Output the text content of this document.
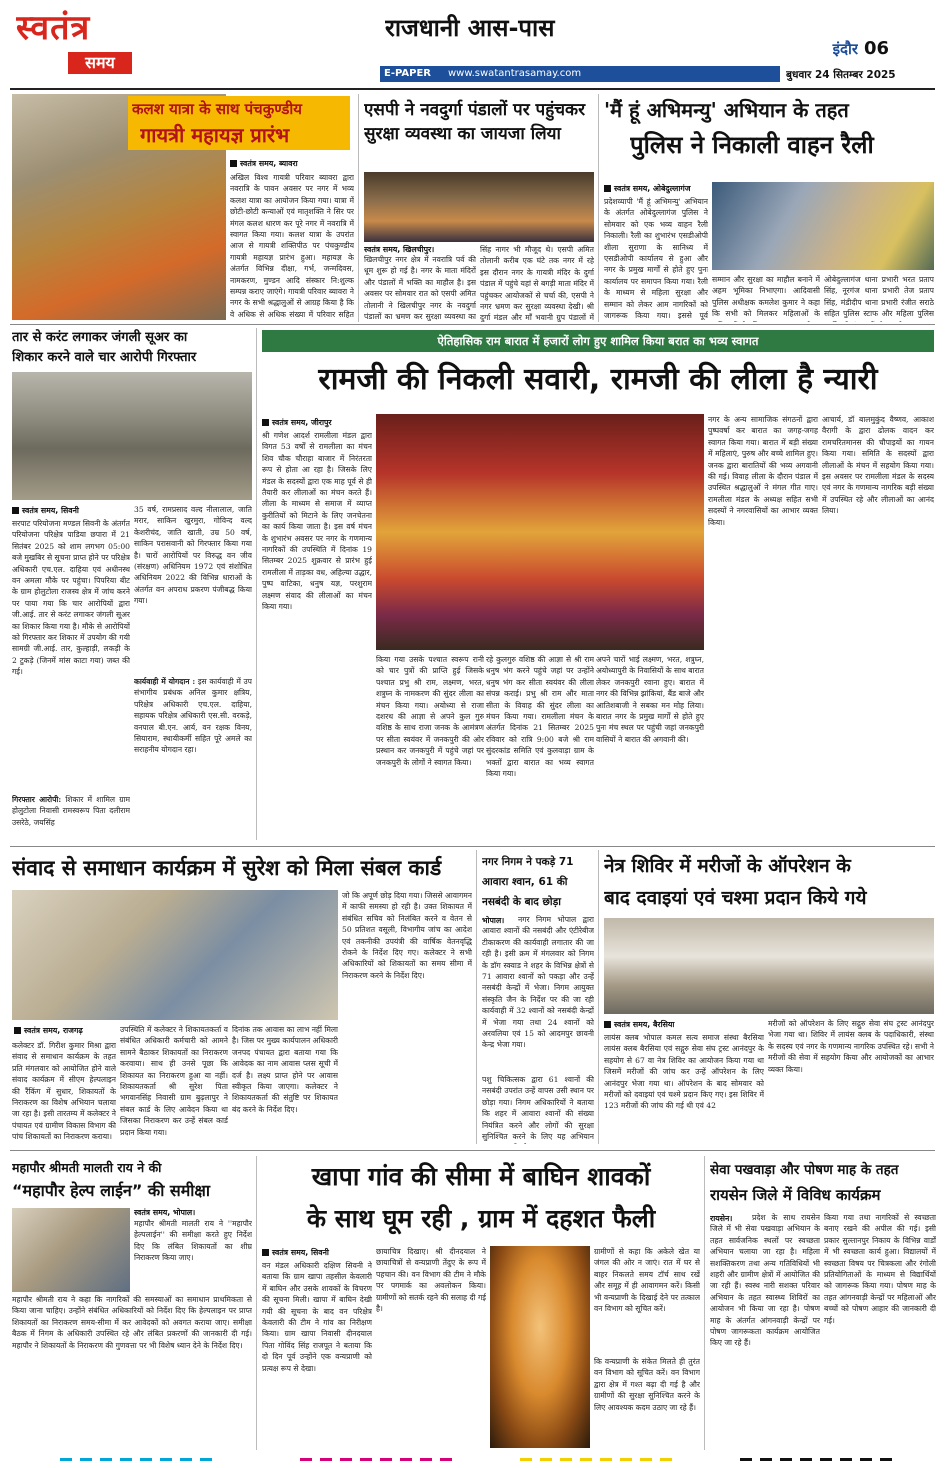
स्वतंत्र
समय
राजधानी आस-पास
इंदौर 06
E-PAPER	www.swatantrasamay.com	बुधवार 24 सितम्बर 2025
कलश यात्रा के साथ पंचकुण्डीय
गायत्री महायज्ञ प्रारंभ
स्वतंत्र समय, ब्यावरा
अखिल विश्व गायत्री परिवार ब्यावरा द्वारा नवरात्रि के पावन अवसर पर नगर में भव्य कलश यात्रा का आयोजन किया गया। यात्रा में छोटी-छोटी कन्याओं एवं मातृशक्ति ने सिर पर मंगल कलश धारण कर पूरे नगर में नवरात्रि में स्वागत किया गया। कलश यात्रा के उपरांत आज से गायत्री शक्तिपीठ पर पंचकुण्डीय गायत्री महायज्ञ प्रारंभ हुआ। महायज्ञ के अंतर्गत विभिन्न दीक्षा, गर्भ, जन्मदिवस, नामकरण, मुण्डन आदि संस्कार नि:शुल्क सम्पन्न कराए जाएंगे। गायत्री परिवार ब्यावरा ने नगर के सभी श्रद्धालुओं से आग्रह किया है कि वे अधिक से अधिक संख्या में परिवार सहित
एसपी ने नवदुर्गा पंडालों पर पहुंचकर सुरक्षा व्यवस्था का जायजा लिया
स्वतंत्र समय, खिलचीपुर।
खिलचीपुर नगर क्षेत्र में नवरात्रि पर्व की धूम शुरू हो गई है। नगर के माता मंदिरों और पंडालों में भक्ति का माहौल है। इस अवसर पर सोमवार रात को एसपी अमित तोलानी ने खिलचीपुर नगर के नवदुर्गा पंडालों का भ्रमण कर सुरक्षा व्यवस्था का
सिंह नागर भी मौजूद थे। एसपी अमित तोलानी करीब एक घंटे तक नगर में रहे इस दौरान नगर के गायत्री मंदिर के दुर्गा पंडाल में पहुंचे यहां से बगड़ी माता मंदिर में पहुंचकर आयोजकों से चर्चा की, एसपी ने नगर भ्रमण कर सुरक्षा व्यवस्था देखी। श्री दुर्गा मंडल और माँ भवानी ग्रुप पंडालों में
'मैं हूं अभिमन्यु' अभियान के तहत
पुलिस ने निकाली वाहन रैली
स्वतंत्र समय, ओबेदुल्लागंज
प्रदेशव्यापी 'मैं हूं अभिमन्यु' अभियान के अंतर्गत ओबेदुल्लागंज पुलिस ने सोमवार को एक भव्य वाहन रैली निकाली। रैली का शुभारंभ एसडीओपी शीला सुराणा के सानिध्य में एसडीओपी कार्यालय से हुआ और नगर के प्रमुख मार्गों से होते हुए पुनः कार्यालय पर समापन किया गया। रैली के माध्यम से महिला सुरक्षा और सम्मान को लेकर आम नागरिकों को जागरूक किया गया। इससे पूर्व
सम्मान और सुरक्षा का माहौल बनाने में अहम भूमिका निभाएगा। आदिवासी पुलिस अधीक्षक कमलेश कुमार ने कहा कि सभी को मिलकर महिलाओं के
ओबेदुल्लागंज थाना प्रभारी भरत प्रताप सिंह, नूरगंज थाना प्रभारी तेज प्रताप सिंह, मंडीदीप थाना प्रभारी रंजीत सराठे सहित पुलिस स्टाफ और महिला पुलिस
तार से करंट लगाकर जंगली सूअर का
शिकार करने वाले चार आरोपी गिरफ्तार
स्वतंत्र समय, सिवनी
सरपाट परियोजना मण्डल सिवनी के अंतर्गत परियोजना परिक्षेत्र पाडिया छपारा में 21 सितंबर 2025 को शाम लगभग 05:00 बजे मुखबिर से सूचना प्राप्त होने पर परिक्षेत्र अधिकारी एच.एल. दाहिया एवं अधीनस्थ वन अमला मौके पर पहुंचा। पिपरिया बीट के ग्राम होलुटोला राजस्व क्षेत्र में जांच करने पर पाया गया कि चार आरोपियों द्वारा जी.आई. तार से करंट लगाकर जंगली सूअर का शिकार किया गया है। मौके से आरोपियों को गिरफ्तार कर शिकार में उपयोग की गयी सामग्री जी.आई. तार, कुल्हाड़ी, लकड़ी के 2 टुकड़े (जिनमें मांस काटा गया) जब्त की गई।
गिरफ्तार आरोपी: शिकार में शामिल ग्राम होलुटोला निवासी रामस्वरूप पिता दलीराम उसरेठे, जयसिंह
35 वर्ष, रामप्रसाद वल्द नीलालाल, जाति मरार, साकिन खुरमुरा, गोविन्द वल्द केशरीचंद, जाति खाती, उम्र 50 वर्ष, साकिन परासवानी को गिरफ्तार किया गया है। चारों आरोपियों पर विरुद्ध वन जीव (संरक्षण) अधिनियम 1972 एवं संशोधित अधिनियम 2022 की विभिन्न धाराओं के अंतर्गत वन अपराध प्रकरण पंजीबद्ध किया गया।
कार्यवाही में योगदान : इस कार्यवाही में उप संभागीय प्रबंधक अनिल कुमार क्षत्रिय, परिक्षेत्र अधिकारी एच.एल. दाहिया, सहायक परिक्षेत्र अधिकारी एस.सी. वरकड़े, वनपाल बी.एन. आर्य, वन रक्षक विनय, सियाराम, स्थायीकर्मी सहित पूरे अमले का सराहनीय योगदान रहा।
ऐतिहासिक राम बारात में हजारों लोग हुए शामिल किया बरात का भव्य स्वागत
रामजी की निकली सवारी, रामजी की लीला है न्यारी
स्वतंत्र समय, जीरापुर
श्री गणेश आदर्श रामलीला मंडल द्वारा विगत 53 वर्षों से रामलीला का मंचन शिव चौक चौराहा बाजार में निरंतरता रूप से होता आ रहा है। जिसके लिए मंडल के सदस्यों द्वारा एक माह पूर्व से ही तैयारी कर लीलाओं का मंचन करते हैं। लीला के माध्यम से समाज में व्याप्त कुरीतियों को मिटाने के लिए जनचेतना का कार्य किया जाता है। इस वर्ष मंचन के शुभारंभ अवसर पर नगर के गणमान्य नागरिकों की उपस्थिति में दिनांक 19 सितम्बर 2025 शुक्रवार से प्रारंभ हुई रामलीला में ताड़का वध, अहिल्या उद्धार, पुष्प वाटिका, धनुष यज्ञ, परशुराम लक्ष्मण संवाद की लीलाओं का मंचन किया गया।
किया गया उसके पश्चात स्वरूप रानी को चार पुत्रों की प्राप्ति हुई जिसके पश्चात प्रभु श्री राम, लक्ष्मण, भरत, शत्रुघ्न के नामकरण की सुंदर लीला का मंचन किया गया। अयोध्या से राजा दशरथ की आज्ञा से अपने कुल गुरु वशिष्ठ के साथ राजा जनक के आमंत्रण पर सीता स्वयंवर में जनकपुरी की ओर प्रस्थान कर जनकपुरी में पहुंचे जहां पर जनकपुरी के लोगों ने स्वागत किया।
रहे कुलगुरु वशिष्ठ की आज्ञा से श्री राम धनुष भंग करने पहुंचे जहां पर उन्होंने धनुष भंग कर सीता स्वयंवर की लीला संपन्न कराई। प्रभु श्री राम और माता सीता के विवाह की सुंदर लीला का मंचन किया गया। रामलीला मंचन के अंतर्गत दिनांक 21 सितम्बर 2025 रविवार को रात्रि 9:00 बजे श्री राम सुंदरकांड समिति एवं कुलवाड़ा ग्राम के भक्तों द्वारा बारात का भव्य स्वागत किया गया।
अपने चारों भाई लक्ष्मण, भरत, शत्रुघ्न, अयोध्यापुरी के निवासियों के साथ बारात लेकर जनकपुरी रवाना हुए। बारात में नगर की विभिन्न झांकियां, बैंड बाजे और आतिशबाजी ने सबका मन मोह लिया। बारात नगर के प्रमुख मार्गों से होते हुए पुनः मंच स्थल पर पहुंची जहां जनकपुरी वासियों ने बारात की अगवानी की।
नगर के अन्य सामाजिक संगठनों द्वारा पुष्पवर्षा कर बारात का जगह-जगह स्वागत किया गया। बारात में बड़ी संख्या में महिलाएं, पुरुष और बच्चे शामिल हुए। जनक द्वारा बारातियों की भव्य अगवानी की गई। विवाह लीला के दौरान पंडाल में उपस्थित श्रद्धालुओं ने मंगल गीत गाए। रामलीला मंडल के अध्यक्ष सहित सभी सदस्यों ने नगरवासियों का आभार व्यक्त किया।
आचार्य, डॉ बालमुकुंद वैष्णव, आकाश वैरागी के द्वारा ढोलक वादन कर रामचरितमानस की चौपाइयों का गायन किया गया। समिति के सदस्यों द्वारा लीलाओं के मंचन में सहयोग किया गया। इस अवसर पर रामलीला मंडल के सदस्य एवं नगर के गणमान्य नागरिक बड़ी संख्या में उपस्थित रहे और लीलाओं का आनंद लिया।
संवाद से समाधान कार्यक्रम में सुरेश को मिला संबल कार्ड
स्वतंत्र समय, राजगढ़
कलेक्टर डॉ. गिरीश कुमार मिश्रा द्वारा संवाद से समाधान कार्यक्रम के तहत प्रति मंगलवार को आयोजित होने वाले संवाद कार्यक्रम में सीएम हेल्पलाइन की रैंकिंग में सुधार, शिकायतों के निराकरण का विशेष अभियान चलाया जा रहा है। इसी तारतम्य में कलेक्टर ने पंचायत एवं ग्रामीण विकास विभाग की पांच शिकायतों का निराकरण कराया।
उपस्थिति में कलेक्टर ने शिकायतकर्ता व संबंधित अधिकारी कर्मचारी को आमने सामने बैठाकर शिकायतों का निराकरण करवाया। साथ ही उनसे पूछा कि शिकायत का निराकरण हुआ या नहीं। शिकायतकर्ता श्री सुरेश पिता भगवानसिंह निवासी ग्राम बुढ़लापुर ने संबल कार्ड के लिए आवेदन किया था जिसका निराकरण कर उन्हें संबल कार्ड प्रदान किया गया।
दिनांक तक आवास का लाभ नहीं मिला है। जिस पर मुख्य कार्यपालन अधिकारी जनपद पंचायत द्वारा बताया गया कि आवेदक का नाम आवास प्लस सूची में दर्ज है। लक्ष्य प्राप्त होने पर आवास स्वीकृत किया जाएगा। कलेक्टर ने शिकायतकर्ता की संतुष्टि पर शिकायत बंद करने के निर्देश दिए।
जो कि अपूर्ण छोड़ दिया गया। जिससे आवागमन में काफी समस्या हो रही है। उक्त शिकायत में संबंधित सचिव को निलंबित करने व वेतन से 50 प्रतिशत वसूली, विभागीय जांच का आदेश एवं तकनीकी उपयंत्री की वार्षिक वेतनवृद्धि रोकने के निर्देश दिए गए। कलेक्टर ने सभी अधिकारियों को शिकायतों का समय सीमा में निराकरण करने के निर्देश दिए।
नगर निगम ने पकड़े 71 आवारा श्वान, 61 की नसबंदी के बाद छोड़ा
भोपाल।	नगर निगम भोपाल द्वारा आवारा श्वानों की नसबंदी और एंटीरेबीज टीकाकरण की कार्यवाही लगातार की जा रही है। इसी क्रम में मंगलवार को निगम के डॉग स्क्वाड ने शहर के विभिन्न क्षेत्रों से 71 आवारा श्वानों को पकड़ा और उन्हें नसबंदी केन्द्रों में भेजा। निगम आयुक्त संस्कृति जैन के निर्देश पर की जा रही कार्यवाही में 32 श्वानों को नसबंदी केन्द्रों में भेजा गया तथा 24 श्वानों को अरवलिया एवं 15 को आदमपुर छावनी केन्द्र भेजा गया।
पशु चिकित्सक द्वारा 61 श्वानों की नसबंदी उपरांत उन्हें वापस उसी स्थान पर छोड़ा गया। निगम अधिकारियों ने बताया कि शहर में आवारा श्वानों की संख्या नियंत्रित करने और लोगों की सुरक्षा सुनिश्चित करने के लिए यह अभियान
नेत्र शिविर में मरीजों के ऑपरेशन के
बाद दवाइयां एवं चश्मा प्रदान किये गये
स्वतंत्र समय, बैरसिया
लायंस क्लब भोपाल कमल सत्य समाज संस्था बैरसिया लायंस क्लब बैरसिया एवं सद्गुरु सेवा संघ ट्रस्ट आनंदपुर के सहयोग से 67 वा नेत्र शिविर का आयोजन किया गया था जिसमें मरीजों की जांच कर उन्हें ऑपरेशन के लिए आनंदपुर भेजा गया था। ऑपरेशन के बाद सोमवार को मरीजों को दवाइयां एवं चश्मे प्रदान किए गए। इस शिविर में 123 मरीजों की जांच की गई थी एवं 42
मरीजों को ऑपरेशन के लिए सद्गुरु सेवा संघ ट्रस्ट आनंदपुर भेजा गया था। शिविर में लायंस क्लब के पदाधिकारी, संस्था के सदस्य एवं नगर के गणमान्य नागरिक उपस्थित रहे। सभी ने मरीजों की सेवा में सहयोग किया और आयोजकों का आभार व्यक्त किया।
महापौर श्रीमती मालती राय ने की
“महापौर हेल्प लाईन” की समीक्षा
स्वतंत्र समय, भोपाल।
महापौर श्रीमती मालती राय ने ''महापौर हेल्पलाईन'' की समीक्षा करते हुए निर्देश दिए कि लंबित शिकायतों का शीघ्र निराकरण किया जाए।
महापौर श्रीमती राय ने कहा कि नागरिकों की समस्याओं का समाधान प्राथमिकता से किया जाना चाहिए। उन्होंने संबंधित अधिकारियों को निर्देश दिए कि हेल्पलाइन पर प्राप्त शिकायतों का निराकरण समय-सीमा में कर आवेदकों को अवगत कराया जाए। समीक्षा बैठक में निगम के अधिकारी उपस्थित रहे और लंबित प्रकरणों की जानकारी दी गई। महापौर ने शिकायतों के निराकरण की गुणवत्ता पर भी विशेष ध्यान देने के निर्देश दिए।
खापा गांव की सीमा में बाघिन शावकों
के साथ घूम रही , ग्राम में दहशत फैली
स्वतंत्र समय, सिवनी
वन मंडल अधिकारी दक्षिण सिवनी ने बताया कि ग्राम खापा तहसील केवलारी में बाघिन और उसके शावकों के विचरण की सूचना मिली। खापा में बाघिन देखी गयी की सूचना के बाद वन परिक्षेत्र केवलारी की टीम ने गांव का निरीक्षण किया। ग्राम खापा निवासी दीनदयाल पिता गोविंद सिंह राजपूत ने बताया कि दो दिन पूर्व उन्होंने एक वन्यप्राणी को प्रत्यक्ष रूप से देखा।
छायाचित्र दिखाए। श्री दीनदयाल ने छायाचित्रों से वन्यप्राणी तेंदुए के रूप में पहचान की। वन विभाग की टीम ने मौके पर पगमार्क का अवलोकन किया। ग्रामीणों को सतर्क रहने की सलाह दी गई है।
ग्रामीणों से कहा कि अकेले खेत या जंगल की ओर न जाएं। रात में घर से बाहर निकलते समय टॉर्च साथ रखें और समूह में ही आवागमन करें। किसी भी वन्यप्राणी के दिखाई देने पर तत्काल वन विभाग को सूचित करें।
कि वन्यप्राणी के संकेत मिलते ही तुरंत वन विभाग को सूचित करें। वन विभाग द्वारा क्षेत्र में गश्त बढ़ा दी गई है और ग्रामीणों की सुरक्षा सुनिश्चित करने के लिए आवश्यक कदम उठाए जा रहे हैं।
सेवा पखवाड़ा और पोषण माह के तहत
रायसेन जिले में विविध कार्यक्रम
रायसेन।	प्रदेश के साथ रायसेन जिले में भी सेवा पखवाड़ा अभियान के तहत सार्वजनिक स्थलों पर स्वच्छता अभियान चलाया जा रहा है। महिला सशक्तिकरण तथा अन्य गतिविधियों भी शहरी और ग्रामीण क्षेत्रों में आयोजित की जा रही हैं। स्वस्थ नारी सशक्त परिवार अभियान के तहत स्वास्थ्य शिविरों का आयोजन भी किया जा रहा है। पोषण माह के अंतर्गत आंगनवाड़ी केन्द्रों पर पोषण जागरूकता कार्यक्रम आयोजित किए जा रहे हैं।
किया गया तथा नागरिकों से स्वच्छता बनाए रखने की अपील की गई। इसी प्रकार सुल्तानपुर निकाय के विभिन्न वार्डों में भी स्वच्छता कार्य हुआ। विद्यालयों में स्वच्छता विषय पर चित्रकला और रंगोली प्रतियोगिताओं के माध्यम से विद्यार्थियों को जागरूक किया गया। पोषण माह के तहत आंगनवाड़ी केन्द्रों पर महिलाओं और बच्चों को पोषण आहार की जानकारी दी गई।
